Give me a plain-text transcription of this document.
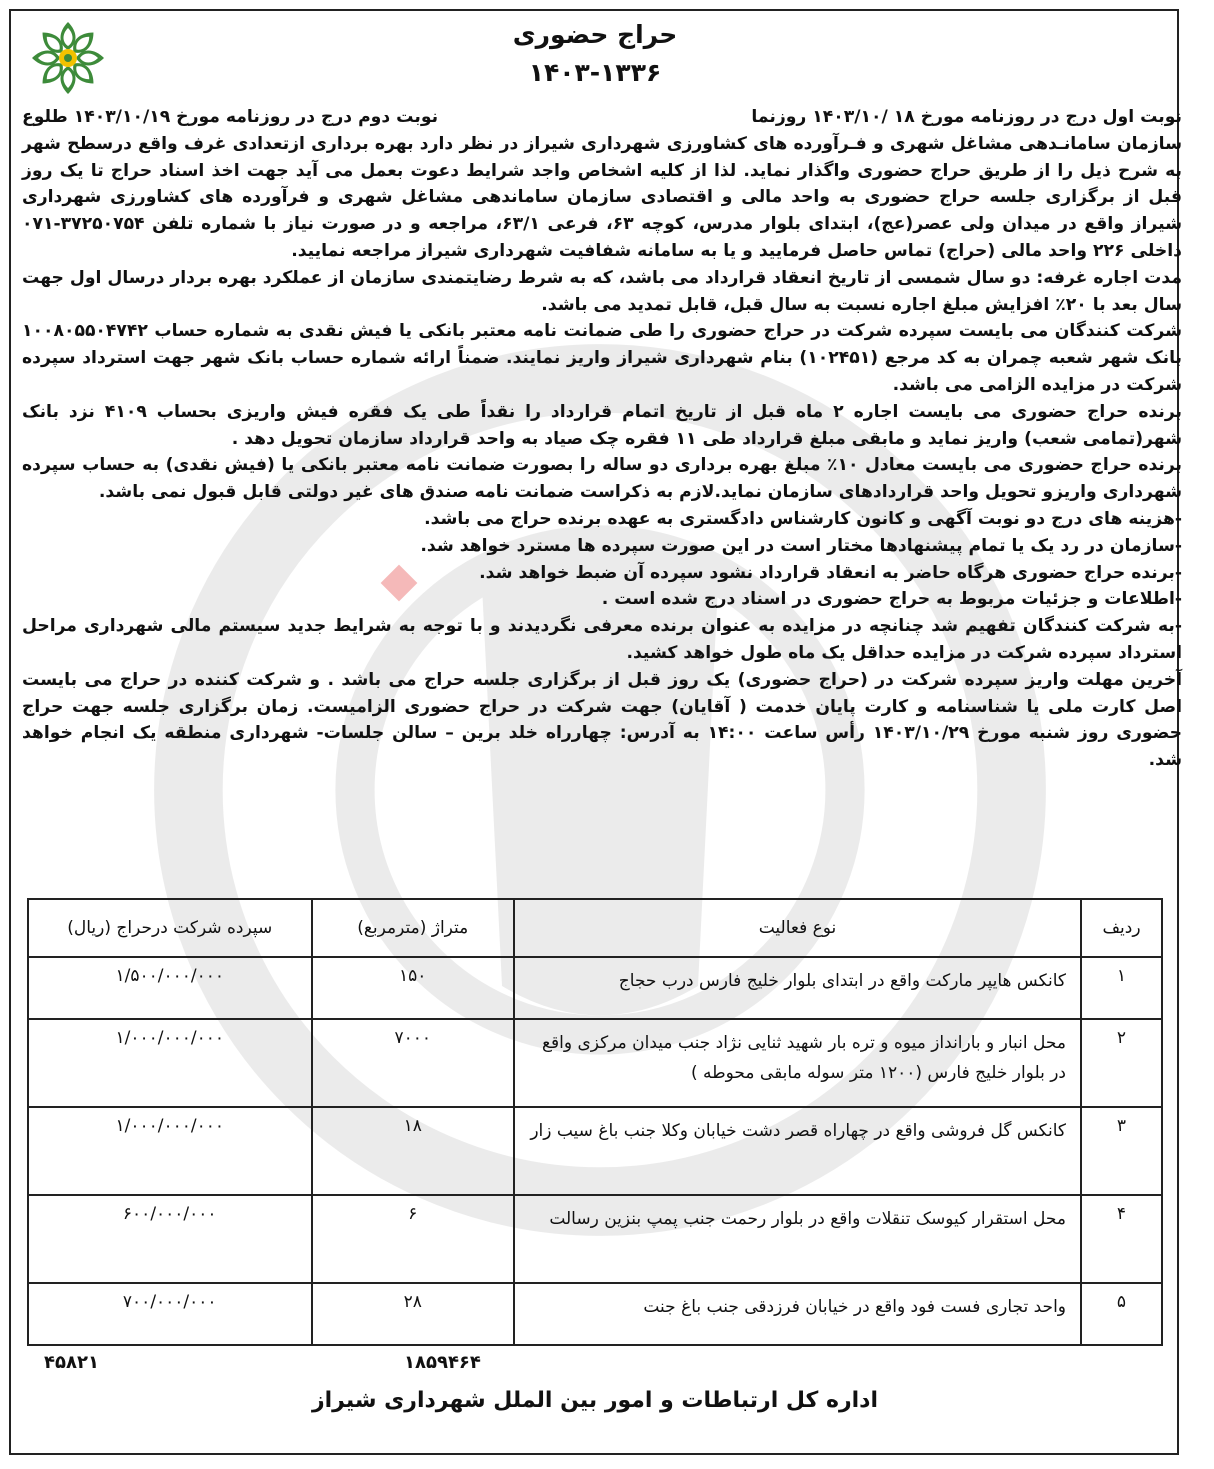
حراج حضوری
۱۴۰۳-۱۳۳۶
نوبت اول درج در روزنامه مورخ ۱۸ /۱۴۰۳/۱۰ روزنما
نوبت دوم درج در روزنامه مورخ ۱۴۰۳/۱۰/۱۹ طلوع

سازمان سامانـدهی مشاغل شهری و فـرآورده های کشاورزی شهرداری شیراز در نظر دارد بهره برداری ازتعدادی غرف واقع درسطح شهر به شرح ذیل را از طریق حراج حضوری واگذار نماید. لذا از کلیه اشخاص واجد شرایط دعوت بعمل می آید جهت اخذ اسناد حراج تا یک روز قبل از برگزاری جلسه حراج حضوری به واحد مالی و اقتصادی سازمان ساماندهی مشاغل شهری و فرآورده های کشاورزی شهرداری شیراز واقع در میدان ولی عصر(عج)، ابتدای بلوار مدرس، کوچه ۶۳، فرعی ۶۳/۱، مراجعه و در صورت نیاز با شماره تلفن ۳۷۲۵۰۷۵۴-۰۷۱ داخلی ۲۲۶ واحد مالی (حراج) تماس حاصل فرمایید و یا به سامانه شفافیت شهرداری شیراز مراجعه نمایید.

مدت اجاره غرفه: دو سال شمسی از تاریخ انعقاد قرارداد می باشد، که به شرط رضایتمندی سازمان از عملکرد بهره بردار درسال اول جهت سال بعد با ۲۰٪ افزایش مبلغ اجاره نسبت به سال قبل، قابل تمدید می باشد.

شرکت کنندگان می بایست سپرده شرکت در حراج حضوری را طی ضمانت نامه معتبر بانکی یا فیش نقدی به شماره حساب ۱۰۰۸۰۵۵۰۴۷۴۲ بانک شهر شعبه چمران به کد مرجع (۱۰۲۴۵۱) بنام شهرداری شیراز واریز نمایند. ضمناً ارائه شماره حساب بانک شهر جهت استرداد سپرده شرکت در مزایده الزامی می باشد.

برنده حراج حضوری می بایست اجاره ۲ ماه قبل از تاریخ اتمام قرارداد را نقداً طی یک فقره فیش واریزی بحساب ۴۱۰۹ نزد بانک شهر(تمامی شعب) واریز نماید و مابقی مبلغ قرارداد طی ۱۱ فقره چک صیاد به واحد قرارداد سازمان تحویل دهد .

برنده حراج حضوری می بایست معادل ۱۰٪ مبلغ بهره برداری دو ساله را بصورت ضمانت نامه معتبر بانکی یا (فیش نقدی) به حساب سپرده شهرداری واریزو تحویل واحد قراردادهای سازمان نماید.لازم به ذکراست ضمانت نامه صندق های غیر دولتی قابل قبول نمی باشد.

-هزینه های درج دو نوبت آگهی و کانون کارشناس دادگستری به عهده برنده حراج می باشد.

-سازمان در رد یک یا تمام پیشنهادها مختار است در این صورت سپرده ها مسترد خواهد شد.

-برنده حراج حضوری هرگاه حاضر به انعقاد قرارداد نشود سپرده آن ضبط خواهد شد.

-اطلاعات و جزئیات مربوط به حراج حضوری در اسناد درج شده است .

-به شرکت کنندگان تفهیم شد چنانچه در مزایده به عنوان برنده معرفی نگردیدند و با توجه به شرایط جدید سیستم مالی شهرداری مراحل استرداد سپرده شرکت در مزایده حداقل یک ماه طول خواهد کشید.

آخرین مهلت واریز سپرده شرکت در (حراج حضوری) یک روز قبل از برگزاری جلسه حراج می باشد . و شرکت کننده در حراج می بایست اصل کارت ملی یا شناسنامه و کارت پایان خدمت ( آقایان) جهت شرکت در حراج حضوری الزامیست. زمان برگزاری جلسه جهت حراج حضوری روز شنبه مورخ ۱۴۰۳/۱۰/۲۹ رأس ساعت ۱۴:۰۰ به آدرس: چهارراه خلد برین – سالن جلسات- شهرداری منطقه یک انجام خواهد شد.

ردیف	نوع فعالیت	متراژ (مترمربع)	سپرده شرکت درحراج (ریال)
۱	کانکس هایپر مارکت واقع در ابتدای بلوار خلیج فارس درب حجاج	۱۵۰	۱/۵۰۰/۰۰۰/۰۰۰
۲	محل انبار و بارانداز میوه و تره بار شهید ثنایی نژاد جنب میدان مرکزی واقع در بلوار خلیج فارس (۱۲۰۰ متر سوله مابقی محوطه )	۷۰۰۰	۱/۰۰۰/۰۰۰/۰۰۰
۳	کانکس گل فروشی واقع در چهاراه قصر دشت خیابان وکلا جنب باغ سیب زار	۱۸	۱/۰۰۰/۰۰۰/۰۰۰
۴	محل استقرار کیوسک تنقلات واقع در بلوار رحمت جنب پمپ بنزین رسالت	۶	۶۰۰/۰۰۰/۰۰۰
۵	واحد تجاری فست فود واقع در خیابان فرزدقی جنب باغ جنت	۲۸	۷۰۰/۰۰۰/۰۰۰
۴۵۸۲۱	۱۸۵۹۴۶۴
اداره کل ارتباطات و امور بین الملل شهرداری شیراز
